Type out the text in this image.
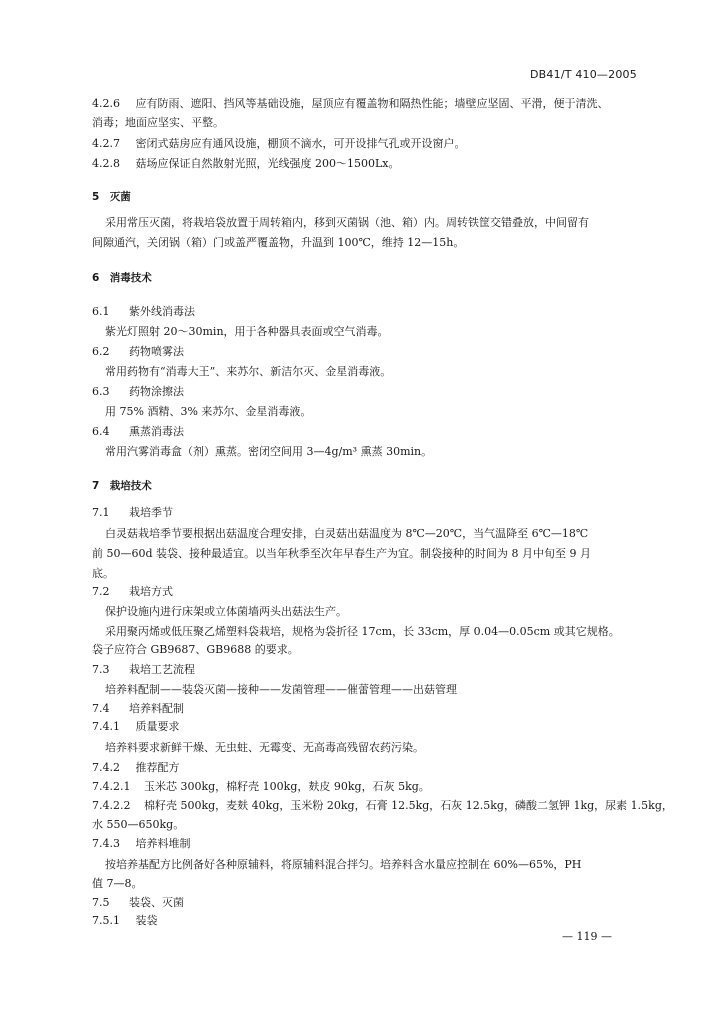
DB41/T 410—2005
4.2.6 应有防雨、遮阳、挡风等基础设施，屋顶应有覆盖物和隔热性能；墙壁应坚固、平滑，便于清洗、
消毒；地面应坚实、平整。
4.2.7 密闭式菇房应有通风设施，棚顶不滴水，可开设排气孔或开设窗户。
4.2.8 菇场应保证自然散射光照，光线强度 200～1500Lx。
5　灭菌
采用常压灭菌，将栽培袋放置于周转箱内，移到灭菌锅（池、箱）内。周转铁筐交错叠放，中间留有
间隙通汽，关闭锅（箱）门或盖严覆盖物，升温到 100℃，维持 12—15h。
6　消毒技术
6.1 紫外线消毒法
紫光灯照射 20～30min，用于各种器具表面或空气消毒。
6.2 药物喷雾法
常用药物有“消毒大王”、来苏尔、新洁尔灭、金星消毒液。
6.3 药物涂擦法
用 75% 酒精、3% 来苏尔、金星消毒液。
6.4 熏蒸消毒法
常用汽雾消毒盒（剂）熏蒸。密闭空间用 3—4g/m³ 熏蒸 30min。
7　栽培技术
7.1 栽培季节
白灵菇栽培季节要根据出菇温度合理安排，白灵菇出菇温度为 8℃—20℃，当气温降至 6℃—18℃
前 50—60d 装袋、接种最适宜。以当年秋季至次年早春生产为宜。制袋接种的时间为 8 月中旬至 9 月
底。
7.2 栽培方式
保护设施内进行床架或立体菌墙两头出菇法生产。
采用聚丙烯或低压聚乙烯塑料袋栽培，规格为袋折径 17cm，长 33cm，厚 0.04—0.05cm 或其它规格。
袋子应符合 GB9687、GB9688 的要求。
7.3 栽培工艺流程
培养料配制——装袋灭菌—接种——发菌管理——催蕾管理——出菇管理
7.4 培养料配制
7.4.1 质量要求
培养料要求新鲜干燥、无虫蛀、无霉变、无高毒高残留农药污染。
7.4.2 推荐配方
7.4.2.1 玉米芯 300kg，棉籽壳 100kg，麸皮 90kg，石灰 5kg。
7.4.2.2 棉籽壳 500kg，麦麸 40kg，玉米粉 20kg，石膏 12.5kg，石灰 12.5kg，磷酸二氢钾 1kg，尿素 1.5kg，
水 550—650kg。
7.4.3 培养料堆制
按培养基配方比例备好各种原辅料，将原辅料混合拌匀。培养料含水量应控制在 60%—65%，PH
值 7—8。
7.5 装袋、灭菌
7.5.1 装袋
— 119 —
